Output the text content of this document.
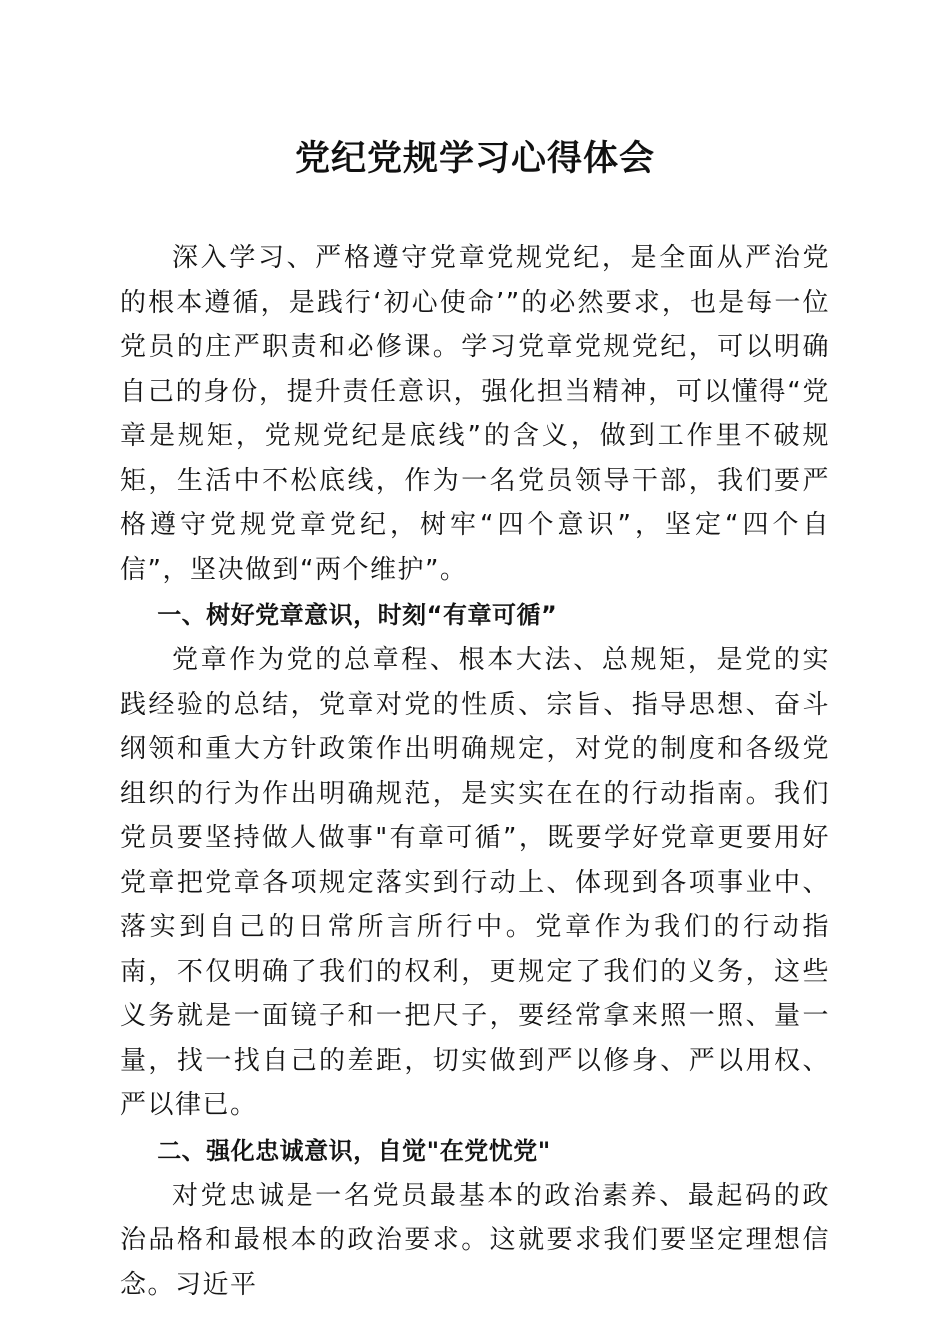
党纪党规学习心得体会

深入学习、严格遵守党章党规党纪，是全面从严治党的根本遵循，是践行‘初心使命’”的必然要求，也是每一位党员的庄严职责和必修课。学习党章党规党纪，可以明确自己的身份，提升责任意识，强化担当精神，可以懂得“党章是规矩，党规党纪是底线”的含义，做到工作里不破规矩，生活中不松底线，作为一名党员领导干部，我们要严格遵守党规党章党纪，树牢“四个意识”，坚定“四个自信”，坚决做到“两个维护”。

一、树好党章意识，时刻“有章可循”

党章作为党的总章程、根本大法、总规矩，是党的实践经验的总结，党章对党的性质、宗旨、指导思想、奋斗纲领和重大方针政策作出明确规定，对党的制度和各级党组织的行为作出明确规范，是实实在在的行动指南。我们党员要坚持做人做事"有章可循”，既要学好党章更要用好党章把党章各项规定落实到行动上、体现到各项事业中、落实到自己的日常所言所行中。党章作为我们的行动指南，不仅明确了我们的权利，更规定了我们的义务，这些义务就是一面镜子和一把尺子，要经常拿来照一照、量一量，找一找自己的差距，切实做到严以修身、严以用权、严以律已。

二、强化忠诚意识，自觉"在党忧党"

对党忠诚是一名党员最基本的政治素养、最起码的政治品格和最根本的政治要求。这就要求我们要坚定理想信念。习近平
